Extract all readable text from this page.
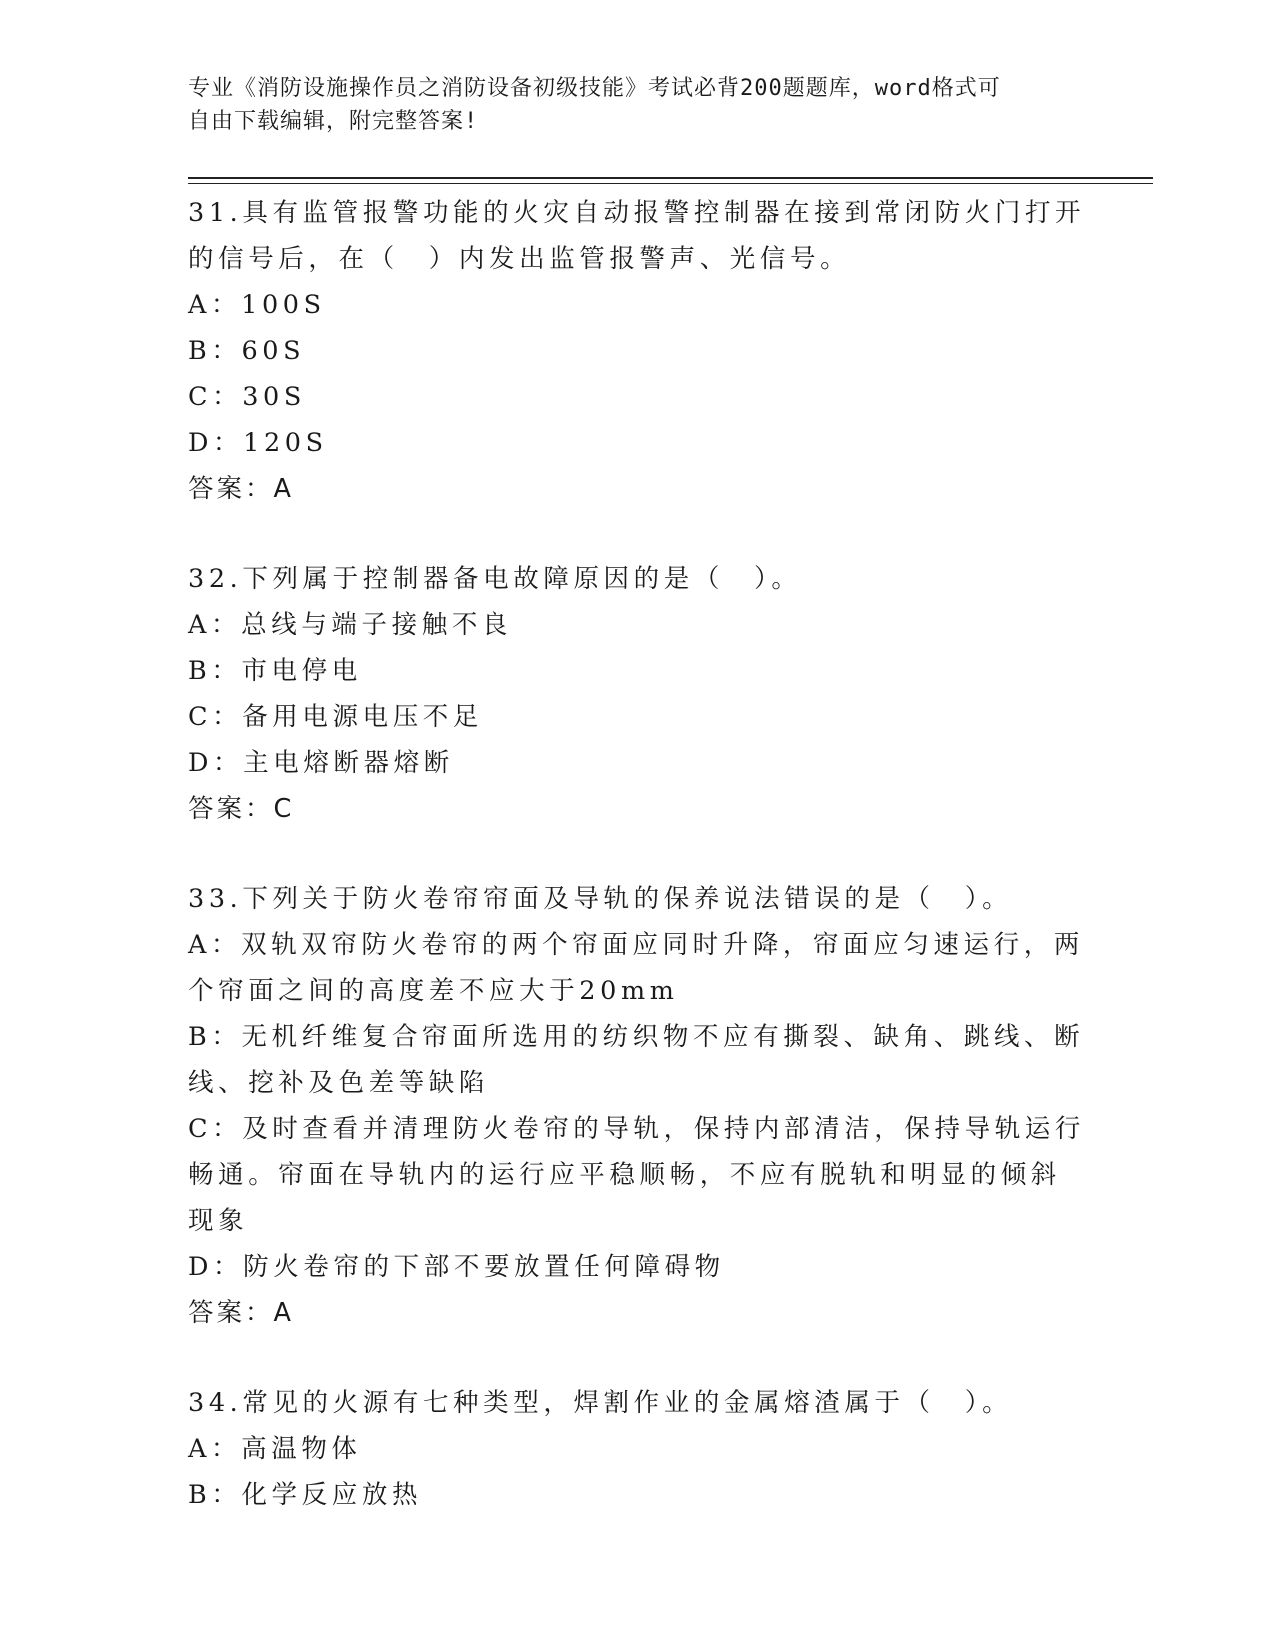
专业《消防设施操作员之消防设备初级技能》考试必背200题题库，word格式可
自由下载编辑，附完整答案!
31.具有监管报警功能的火灾自动报警控制器在接到常闭防火门打开的信号后，在（　）内发出监管报警声、光信号。
A：100S
B：60S
C：30S
D：120S
答案：A
32.下列属于控制器备电故障原因的是（　）。
A：总线与端子接触不良
B：市电停电
C：备用电源电压不足
D：主电熔断器熔断
答案：C
33.下列关于防火卷帘帘面及导轨的保养说法错误的是（　）。
A：双轨双帘防火卷帘的两个帘面应同时升降，帘面应匀速运行，两个帘面之间的高度差不应大于20mm
B：无机纤维复合帘面所选用的纺织物不应有撕裂、缺角、跳线、断线、挖补及色差等缺陷
C：及时查看并清理防火卷帘的导轨，保持内部清洁，保持导轨运行畅通。帘面在导轨内的运行应平稳顺畅，不应有脱轨和明显的倾斜现象
D：防火卷帘的下部不要放置任何障碍物
答案：A
34.常见的火源有七种类型，焊割作业的金属熔渣属于（　）。
A：高温物体
B：化学反应放热
